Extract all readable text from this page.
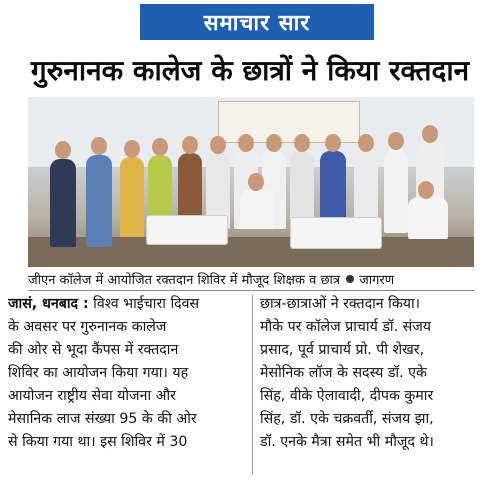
समाचार सार
गुरुनानक कालेज के छात्रों ने किया रक्तदान
जीएन कॉलेज में आयोजित रक्तदान शिविर में मौजूद शिक्षक व छात्र जागरण
जासं, धनबाद : विश्व भाईचारा दिवस
के अवसर पर गुरुनानक कालेज
की ओर से भूदा कैंपस में रक्तदान
शिविर का आयोजन किया गया। यह
आयोजन राष्ट्रीय सेवा योजना और
मेसानिक लाज संख्या 95 के की ओर
से किया गया था। इस शिविर में 30
छात्र-छात्राओं ने रक्तदान किया।
मौके पर कॉलेज प्राचार्य डॉ. संजय
प्रसाद, पूर्व प्राचार्य प्रो. पी शेखर,
मेसोनिक लॉज के सदस्य डॉ. एके
सिंह, वीके ऐलावादी, दीपक कुमार
सिंह, डॉ. एके चक्रवर्ती, संजय झा,
डॉ. एनके मैत्रा समेत भी मौजूद थे।
